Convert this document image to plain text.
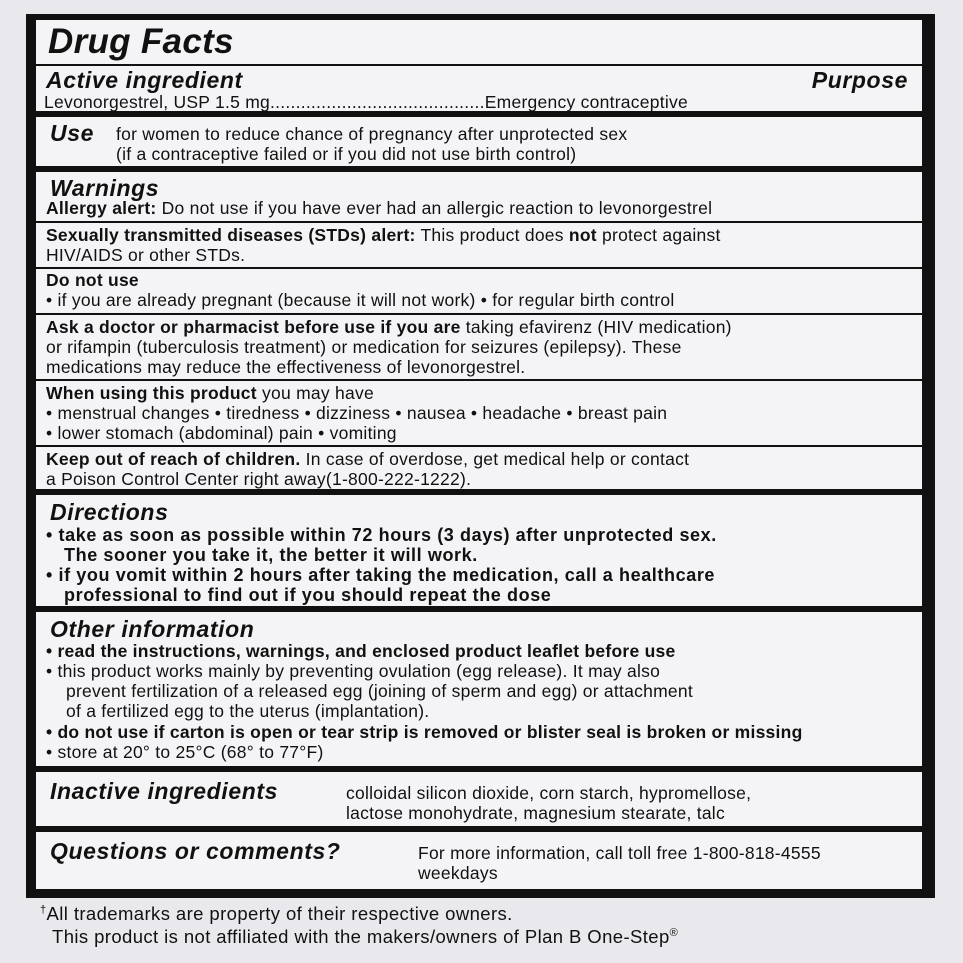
Drug Facts
Active ingredient	Purpose
Levonorgestrel, USP 1.5 mg..........................................Emergency contraceptive
Use for women to reduce chance of pregnancy after unprotected sex
(if a contraceptive failed or if you did not use birth control)
Warnings
Allergy alert: Do not use if you have ever had an allergic reaction to levonorgestrel
Sexually transmitted diseases (STDs) alert: This product does not protect against
HIV/AIDS or other STDs.
Do not use
• if you are already pregnant (because it will not work) • for regular birth control
Ask a doctor or pharmacist before use if you are taking efavirenz (HIV medication)
or rifampin (tuberculosis treatment) or medication for seizures (epilepsy). These
medications may reduce the effectiveness of levonorgestrel.
When using this product you may have
• menstrual changes • tiredness • dizziness • nausea • headache • breast pain
• lower stomach (abdominal) pain • vomiting
Keep out of reach of children. In case of overdose, get medical help or contact
a Poison Control Center right away(1-800-222-1222).
Directions
• take as soon as possible within 72 hours (3 days) after unprotected sex.
The sooner you take it, the better it will work.
• if you vomit within 2 hours after taking the medication, call a healthcare
professional to find out if you should repeat the dose
Other information
• read the instructions, warnings, and enclosed product leaflet before use
• this product works mainly by preventing ovulation (egg release). It may also
prevent fertilization of a released egg (joining of sperm and egg) or attachment
of a fertilized egg to the uterus (implantation).
• do not use if carton is open or tear strip is removed or blister seal is broken or missing
• store at 20° to 25°C (68° to 77°F)
Inactive ingredients	colloidal silicon dioxide, corn starch, hypromellose,
lactose monohydrate, magnesium stearate, talc
Questions or comments?	For more information, call toll free 1-800-818-4555
weekdays
†All trademarks are property of their respective owners.
This product is not affiliated with the makers/owners of Plan B One-Step®
